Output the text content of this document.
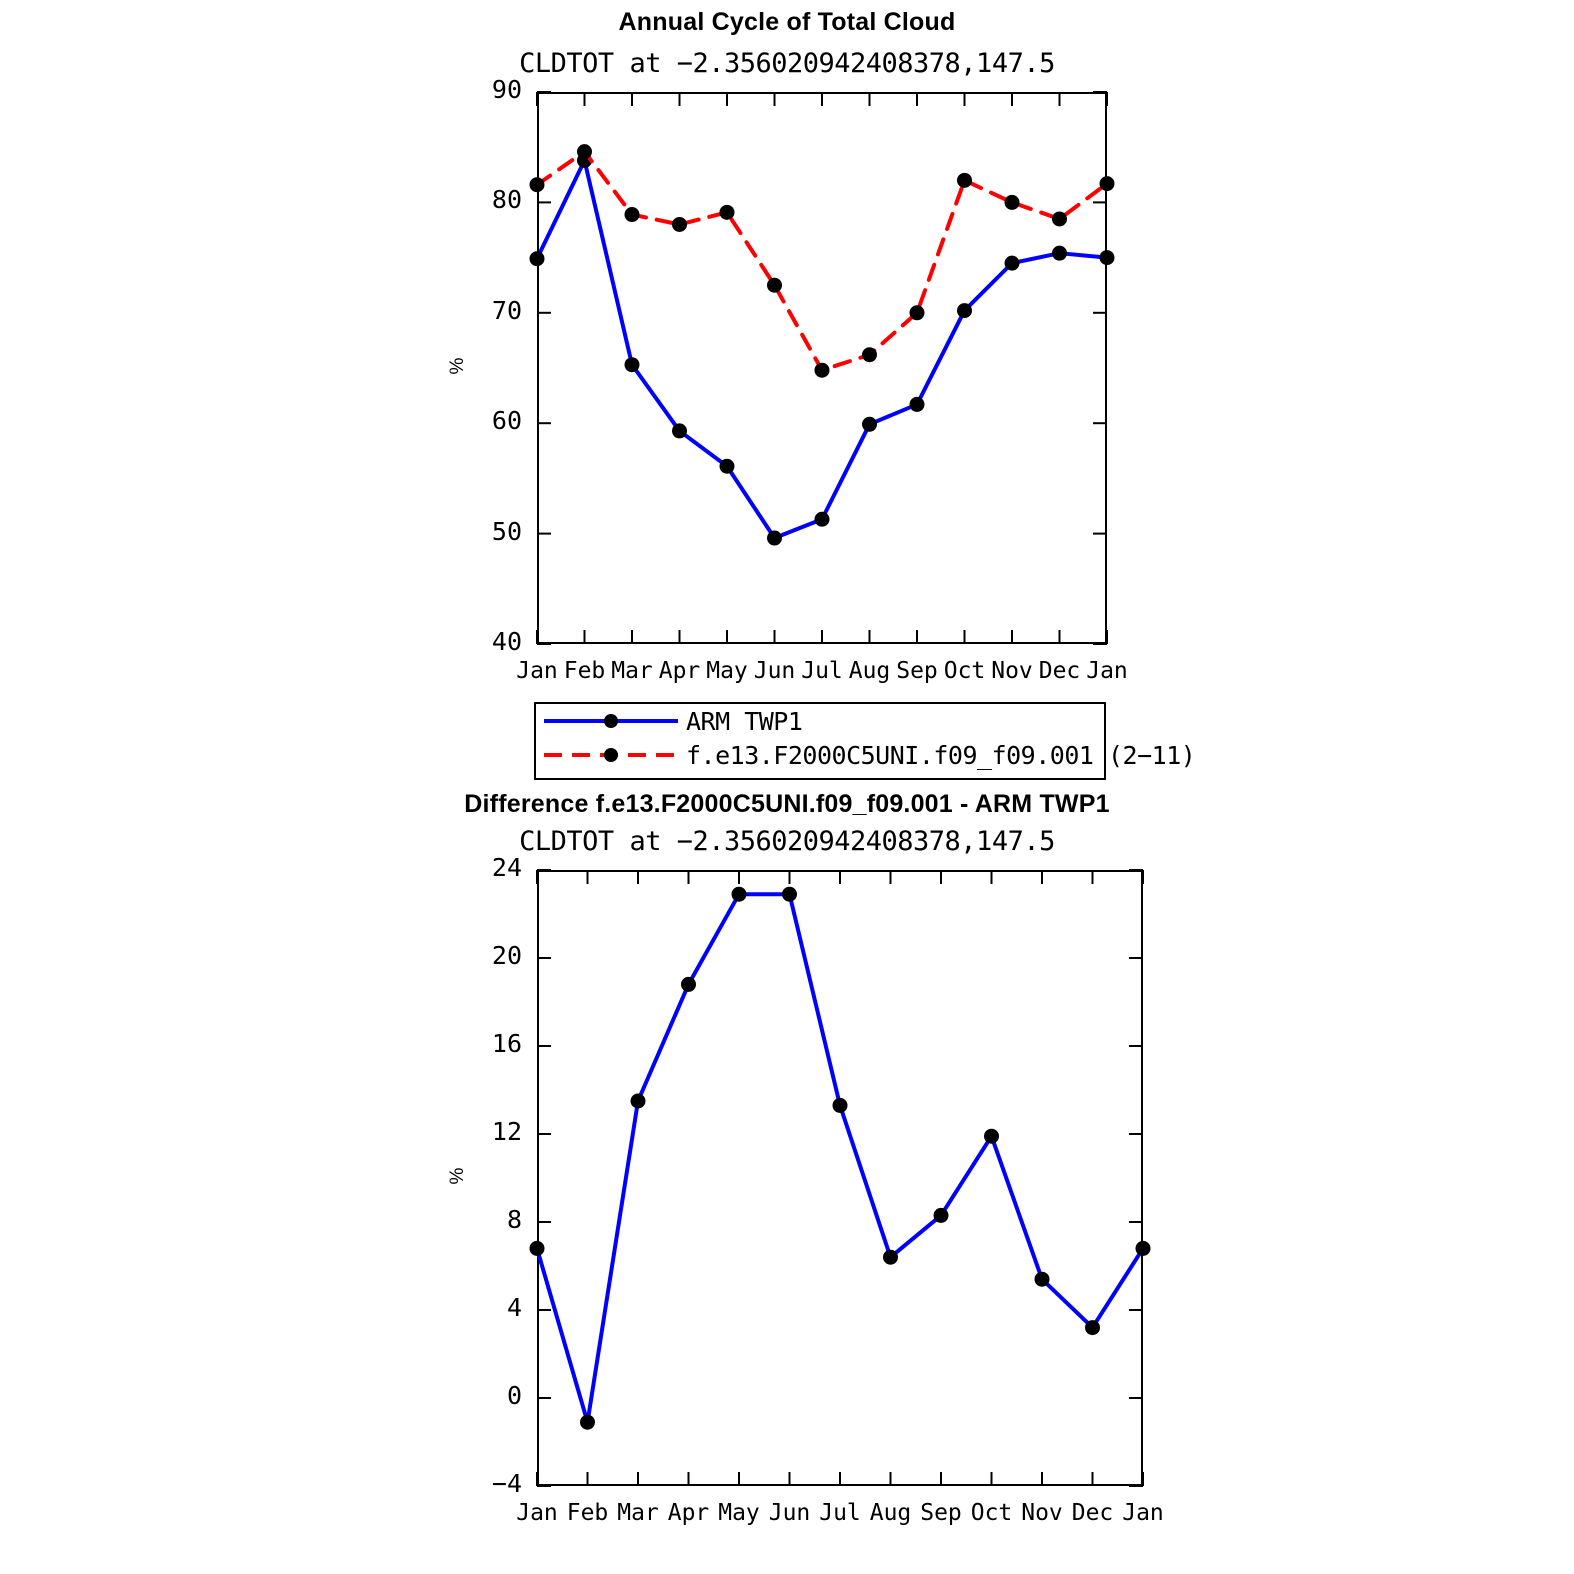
Annual Cycle of Total Cloud
CLDTOT at −2.356020942408378,147.5
%
ARM TWP1
f.e13.F2000C5UNI.f09_f09.001 (2−11)
40
50
60
70
80
90
Jan Feb Mar Apr May Jun Jul Aug Sep Oct Nov Dec Jan
Difference f.e13.F2000C5UNI.f09_f09.001 - ARM TWP1
CLDTOT at −2.356020942408378,147.5
%
−4
0
4
8
12
16
20
24
Jan Feb Mar Apr May Jun Jul Aug Sep Oct Nov Dec Jan
